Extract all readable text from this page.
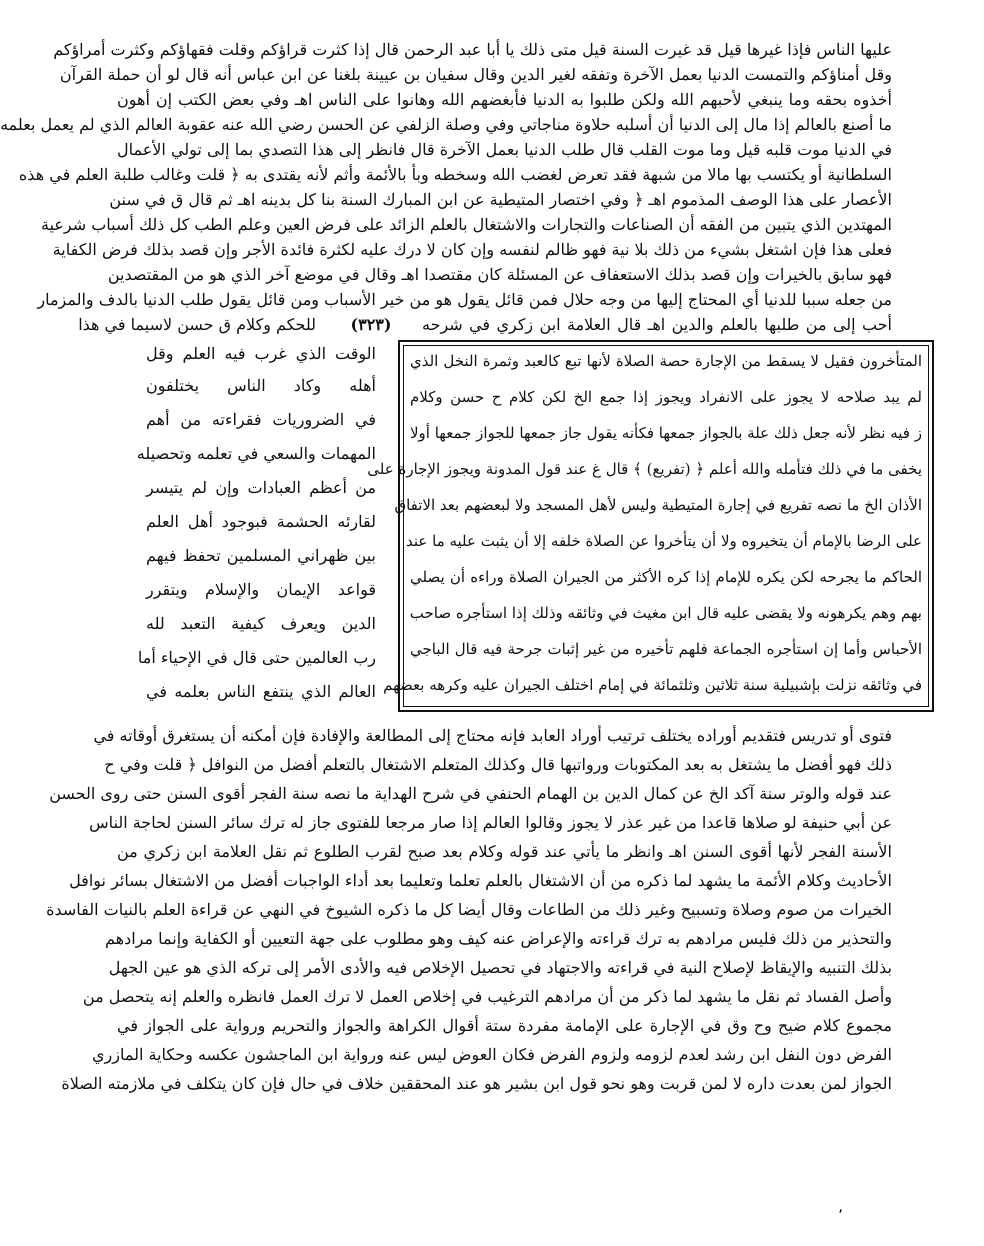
عليها الناس فإذا غيرها قيل قد غيرت السنة قيل متى ذلك يا أبا عبد الرحمن قال إذا كثرت قراؤكم وقلت فقهاؤكم وكثرت أمراؤكم
وقل أمناؤكم والتمست الدنيا بعمل الآخرة وتفقه لغير الدين وقال سفيان بن عيينة بلغنا عن ابن عباس أنه قال لو أن حملة القرآن
أخذوه بحقه وما ينبغي لأحبهم الله ولكن طلبوا به الدنيا فأبغضهم الله وهانوا على الناس اهـ وفي بعض الكتب إن أهون
ما أصنع بالعالم إذا مال إلى الدنيا أن أسلبه حلاوة مناجاتي وفي وصلة الزلفي عن الحسن رضي الله عنه عقوبة العالم الذي لم يعمل بعلمه
في الدنيا موت قلبه قيل وما موت القلب قال طلب الدنيا بعمل الآخرة قال فانظر إلى هذا التصدي بما إلى تولي الأعمال
السلطانية أو يكتسب بها مالا من شبهة فقد تعرض لغضب الله وسخطه وبأ بالأئمة وأثم لأنه يقتدى به ﴿ قلت وغالب طلبة العلم في هذه
الأعصار على هذا الوصف المذموم اهـ ﴿ وفي اختصار المتيطية عن ابن المبارك السنة بنا كل بدينه اهـ ثم قال ق في سنن
المهتدين الذي يتبين من الفقه أن الصناعات والتجارات والاشتغال بالعلم الزائد على فرض العين وعلم الطب كل ذلك أسباب شرعية
فعلى هذا فإن اشتغل بشيء من ذلك بلا نية فهو ظالم لنفسه وإن كان لا درك عليه لكثرة فائدة الأجر وإن قصد بذلك فرض الكفاية
فهو سابق بالخيرات وإن قصد بذلك الاستعفاف عن المسئلة كان مقتصدا اهـ وقال في موضع آخر الذي هو من المقتصدين
من جعله سببا للدنيا أي المحتاج إليها من وجه حلال فمن قائل يقول هو من خير الأسباب ومن قائل يقول طلب الدنيا بالدف والمزمار
أحب إلى من طلبها بالعلم والدين اهـ قال العلامة ابن زكري في شرحه
(٣٢٣)
للحكم وكلام ق حسن لاسيما في هذا
المتأخرون فقيل لا يسقط من الإجارة حصة الصلاة لأنها تبع كالعبد وثمرة النخل الذي
لم يبد صلاحه لا يجوز على الانفراد ويجوز إذا جمع الخ لكن كلام ح حسن وكلام
ز فيه نظر لأنه جعل ذلك علة بالجواز جمعها فكأنه يقول جاز جمعها للجواز جمعها أولا
يخفى ما في ذلك فتأمله والله أعلم ﴿ (تفريع) ﴾ قال غ عند قول المدونة ويجوز الإجارة على
الأذان الخ ما نصه تفريع في إجارة المتيطية وليس لأهل المسجد ولا لبعضهم بعد الاتفاق
على الرضا بالإمام أن يتخيروه ولا أن يتأخروا عن الصلاة خلفه إلا أن يثبت عليه ما عند
الحاكم ما يجرحه لكن يكره للإمام إذا كره الأكثر من الجيران الصلاة وراءه أن يصلي
بهم وهم يكرهونه ولا يقضى عليه قال ابن مغيث في وثائقه وذلك إذا استأجره صاحب
الأحباس وأما إن استأجره الجماعة فلهم تأخيره من غير إثبات جرحة فيه قال الباجي
في وثائقه نزلت بإشبيلية سنة ثلاثين وثلثمائة في إمام اختلف الجيران عليه وكرهه بعضهم
الوقت الذي غرب فيه العلم وقل
أهله وكاد الناس يختلفون
في الضروريات فقراءته من أهم
المهمات والسعي في تعلمه وتحصيله
من أعظم العبادات وإن لم يتيسر
لقارئه الحشمة فبوجود أهل العلم
بين ظهراني المسلمين تحفظ فيهم
قواعد الإيمان والإسلام ويتقرر
الدين ويعرف كيفية التعبد لله
رب العالمين حتى قال في الإحياء أما
العالم الذي ينتفع الناس بعلمه في
فتوى أو تدريس فتقديم أوراده يختلف ترتيب أوراد العابد فإنه محتاج إلى المطالعة والإفادة فإن أمكنه أن يستغرق أوقاته في
ذلك فهو أفضل ما يشتغل به بعد المكتوبات ورواتبها قال وكذلك المتعلم الاشتغال بالتعلم أفضل من النوافل ﴿ قلت وفي ح
عند قوله والوتر سنة آكد الخ عن كمال الدين بن الهمام الحنفي في شرح الهداية ما نصه سنة الفجر أقوى السنن حتى روى الحسن
عن أبي حنيفة لو صلاها قاعدا من غير عذر لا يجوز وقالوا العالم إذا صار مرجعا للفتوى جاز له ترك سائر السنن لحاجة الناس
الأسنة الفجر لأنها أقوى السنن اهـ وانظر ما يأتي عند قوله وكلام بعد صبح لقرب الطلوع ثم نقل العلامة ابن زكري من
الأحاديث وكلام الأئمة ما يشهد لما ذكره من أن الاشتغال بالعلم تعلما وتعليما بعد أداء الواجبات أفضل من الاشتغال بسائر نوافل
الخيرات من صوم وصلاة وتسبيح وغير ذلك من الطاعات وقال أيضا كل ما ذكره الشيوخ في النهي عن قراءة العلم بالنيات الفاسدة
والتحذير من ذلك فليس مرادهم به ترك قراءته والإعراض عنه كيف وهو مطلوب على جهة التعيين أو الكفاية وإنما مرادهم
بذلك التنبيه والإيقاظ لإصلاح النية في قراءته والاجتهاد في تحصيل الإخلاص فيه والأدى الأمر إلى تركه الذي هو عين الجهل
وأصل الفساد ثم نقل ما يشهد لما ذكر من أن مرادهم الترغيب في إخلاص العمل لا ترك العمل فانظره والعلم إنه يتحصل من
مجموع كلام ضيح وح وق في الإجارة على الإمامة مفردة ستة أقوال الكراهة والجواز والتحريم ورواية على الجواز في
الفرض دون النفل ابن رشد لعدم لزومه ولزوم الفرض فكان العوض ليس عنه ورواية ابن الماجشون عكسه وحكاية المازري
الجواز لمن بعدت داره لا لمن قربت وهو نحو قول ابن بشير هو عند المحققين خلاف في حال فإن كان يتكلف في ملازمته الصلاة
٬
